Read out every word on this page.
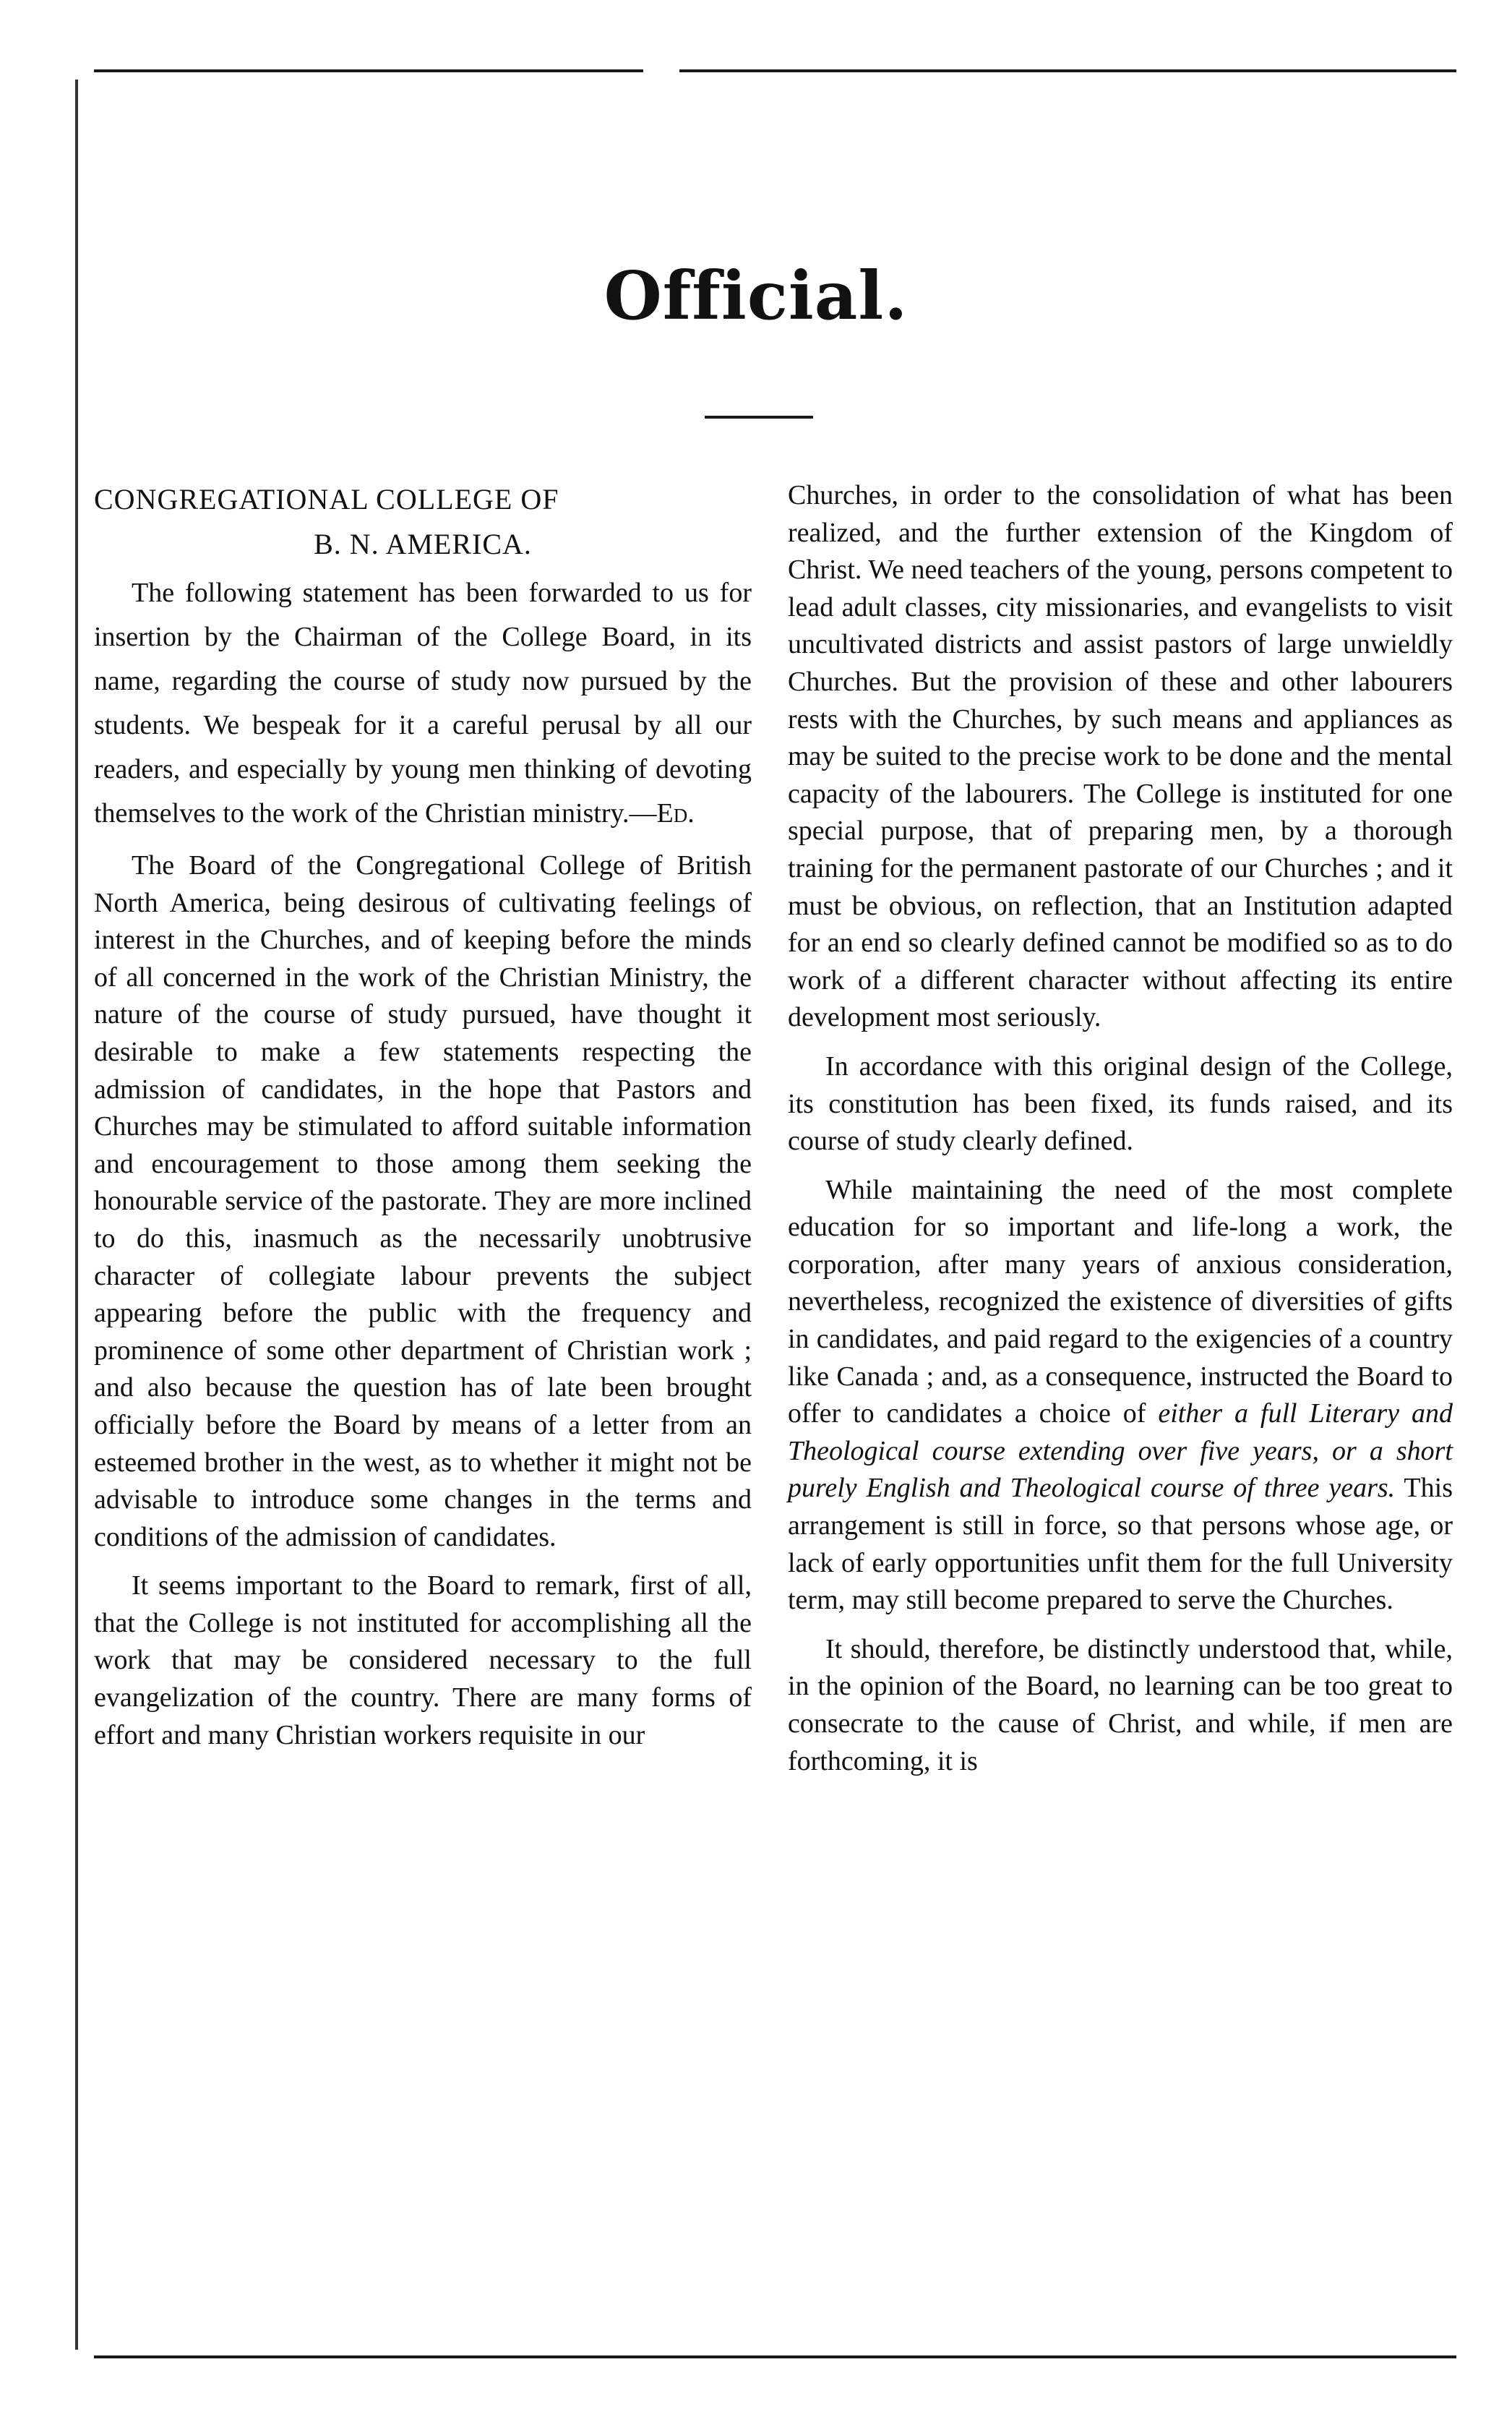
Official.
CONGREGATIONAL COLLEGE OF
B. N. AMERICA.

The following statement has been forwarded to us for insertion by the Chairman of the College Board, in its name, regarding the course of study now pursued by the students. We bespeak for it a careful perusal by all our readers, and especially by young men thinking of devoting themselves to the work of the Christian ministry.—Ed.

The Board of the Congregational College of British North America, being desirous of cultivating feelings of interest in the Churches, and of keeping before the minds of all concerned in the work of the Christian Ministry, the nature of the course of study pursued, have thought it desirable to make a few statements respecting the admission of candidates, in the hope that Pastors and Churches may be stimulated to afford suitable information and encouragement to those among them seeking the honourable service of the pastorate. They are more inclined to do this, inasmuch as the necessarily unobtrusive character of collegiate labour prevents the subject appearing before the public with the frequency and prominence of some other department of Christian work ; and also because the question has of late been brought officially before the Board by means of a letter from an esteemed brother in the west, as to whether it might not be advisable to introduce some changes in the terms and conditions of the admission of candidates.

It seems important to the Board to remark, first of all, that the College is not instituted for accomplishing all the work that may be considered necessary to the full evangelization of the country. There are many forms of effort and many Christian workers requisite in our

Churches, in order to the consolidation of what has been realized, and the further extension of the Kingdom of Christ. We need teachers of the young, persons competent to lead adult classes, city missionaries, and evangelists to visit uncultivated districts and assist pastors of large unwieldly Churches. But the provision of these and other labourers rests with the Churches, by such means and appliances as may be suited to the precise work to be done and the mental capacity of the labourers. The College is instituted for one special purpose, that of preparing men, by a thorough training for the permanent pastorate of our Churches ; and it must be obvious, on reflection, that an Institution adapted for an end so clearly defined cannot be modified so as to do work of a different character without affecting its entire development most seriously.

In accordance with this original design of the College, its constitution has been fixed, its funds raised, and its course of study clearly defined.

While maintaining the need of the most complete education for so important and life-long a work, the corporation, after many years of anxious consideration, nevertheless, recognized the existence of diversities of gifts in candidates, and paid regard to the exigencies of a country like Canada ; and, as a consequence, instructed the Board to offer to candidates a choice of either a full Literary and Theological course extending over five years, or a short purely English and Theological course of three years. This arrangement is still in force, so that persons whose age, or lack of early opportunities unfit them for the full University term, may still become prepared to serve the Churches.

It should, therefore, be distinctly understood that, while, in the opinion of the Board, no learning can be too great to consecrate to the cause of Christ, and while, if men are forthcoming, it is
